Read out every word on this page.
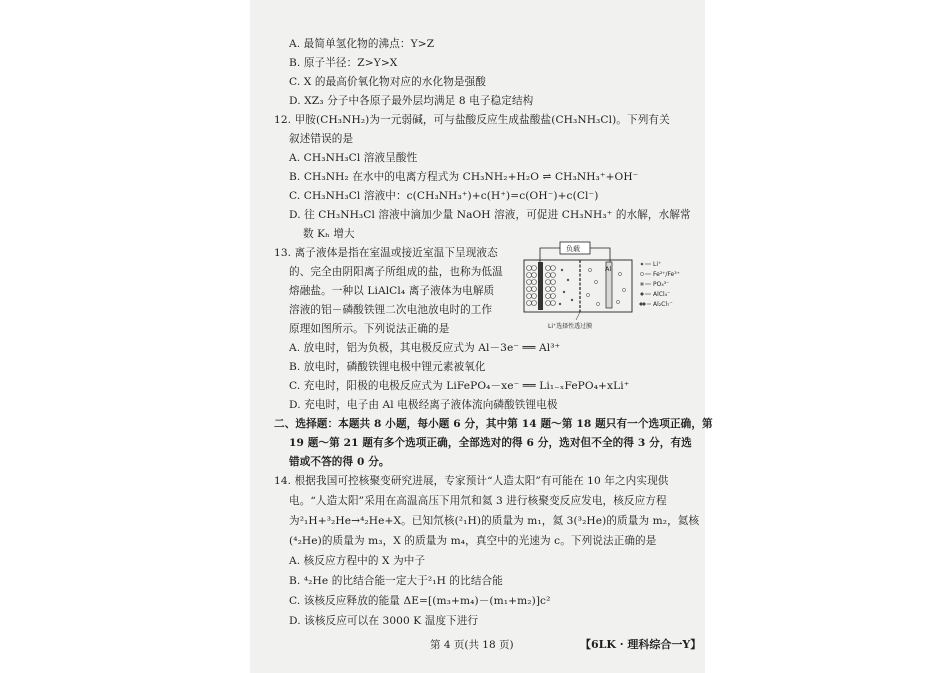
A. 最简单氢化物的沸点：Y>Z
B. 原子半径：Z>Y>X
C. X 的最高价氧化物对应的水化物是强酸
D. XZ₃ 分子中各原子最外层均满足 8 电子稳定结构
12. 甲胺(CH₃NH₂)为一元弱碱，可与盐酸反应生成盐酸盐(CH₃NH₃Cl)。下列有关
叙述错误的是
A. CH₃NH₃Cl 溶液呈酸性
B. CH₃NH₂ 在水中的电离方程式为 CH₃NH₂+H₂O ⇌ CH₃NH₃⁺+OH⁻
C. CH₃NH₃Cl 溶液中：c(CH₃NH₃⁺)+c(H⁺)=c(OH⁻)+c(Cl⁻)
D. 往 CH₃NH₃Cl 溶液中滴加少量 NaOH 溶液，可促进 CH₃NH₃⁺ 的水解，水解常
数 Kₕ 增大
13. 离子液体是指在室温或接近室温下呈现液态
的、完全由阴阳离子所组成的盐，也称为低温
熔融盐。一种以 LiAlCl₄ 离子液体为电解质
溶液的铝－磷酸铁锂二次电池放电时的工作
原理如图所示。下列说法正确的是
A. 放电时，铝为负极，其电极反应式为 Al－3e⁻ ══ Al³⁺
B. 放电时，磷酸铁锂电极中锂元素被氧化
C. 充电时，阳极的电极反应式为 LiFePO₄－xe⁻ ══ Li₁₋ₓFePO₄+xLi⁺
D. 充电时，电子由 Al 电极经离子液体流向磷酸铁锂电极
二、选择题：本题共 8 小题，每小题 6 分，其中第 14 题～第 18 题只有一个选项正确，第
19 题～第 21 题有多个选项正确，全部选对的得 6 分，选对但不全的得 3 分，有选
错或不答的得 0 分。
14. 根据我国可控核聚变研究进展，专家预计“人造太阳”有可能在 10 年之内实现供
电。“人造太阳”采用在高温高压下用氘和氦 3 进行核聚变反应发电，核反应方程
为²₁H+³₂He→⁴₂He+X。已知氘核(²₁H)的质量为 m₁，氦 3(³₂He)的质量为 m₂，氦核
(⁴₂He)的质量为 m₃，X 的质量为 m₄，真空中的光速为 c。下列说法正确的是
A. 核反应方程中的 X 为中子
B. ⁴₂He 的比结合能一定大于²₁H 的比结合能
C. 该核反应释放的能量 ΔE=[(m₃+m₄)－(m₁+m₂)]c²
D. 该核反应可以在 3000 K 温度下进行
负载
Al
Li⁺选择性透过膜
Li⁺
Fe²⁺/Fe³⁺
PO₄³⁻
AlCl₄⁻
Al₂Cl₇⁻
第 4 页(共 18 页)	【6LK · 理科综合一Y】
